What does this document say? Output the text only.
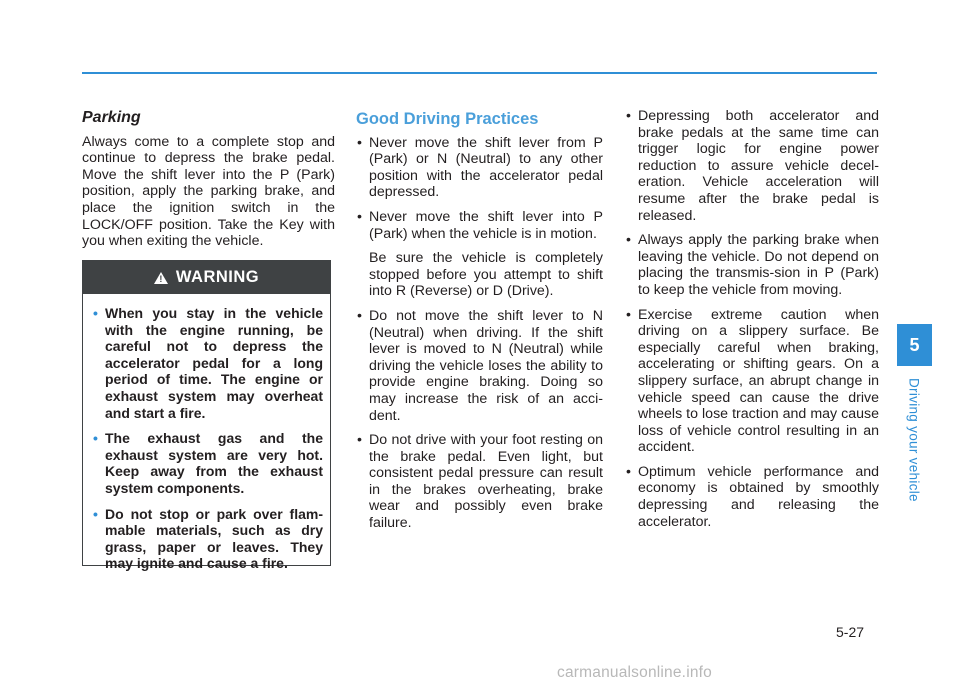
Parking

Always come to a complete stop and continue to depress the brake pedal. Move the shift lever into the P (Park) position, apply the parking brake, and place the ignition switch in the LOCK/OFF position. Take the Key with you when exiting the vehicle.

! WARNING
• When you stay in the vehicle with the engine running, be careful not to depress the accelerator pedal for a long period of time. The engine or exhaust system may overheat and start a fire.
• The exhaust gas and the exhaust system are very hot. Keep away from the exhaust system components.
• Do not stop or park over flam-mable materials, such as dry grass, paper or leaves. They may ignite and cause a fire.
Good Driving Practices
• Never move the shift lever from P (Park) or N (Neutral) to any other position with the accelerator pedal depressed.
• Never move the shift lever into P (Park) when the vehicle is in motion.
Be sure the vehicle is completely stopped before you attempt to shift into R (Reverse) or D (Drive).
• Do not move the shift lever to N (Neutral) when driving. If the shift lever is moved to N (Neutral) while driving the vehicle loses the ability to provide engine braking. Doing so may increase the risk of an acci-dent.
• Do not drive with your foot resting on the brake pedal. Even light, but consistent pedal pressure can result in the brakes overheating, brake wear and possibly even brake failure.
• Depressing both accelerator and brake pedals at the same time can trigger logic for engine power reduction to assure vehicle decel-eration. Vehicle acceleration will resume after the brake pedal is released.
• Always apply the parking brake when leaving the vehicle. Do not depend on placing the transmis-sion in P (Park) to keep the vehicle from moving.
• Exercise extreme caution when driving on a slippery surface. Be especially careful when braking, accelerating or shifting gears. On a slippery surface, an abrupt change in vehicle speed can cause the drive wheels to lose traction and may cause loss of vehicle control resulting in an accident.
• Optimum vehicle performance and economy is obtained by smoothly depressing and releasing the accelerator.
5
Driving your vehicle
5-27
carmanualsonline.info
